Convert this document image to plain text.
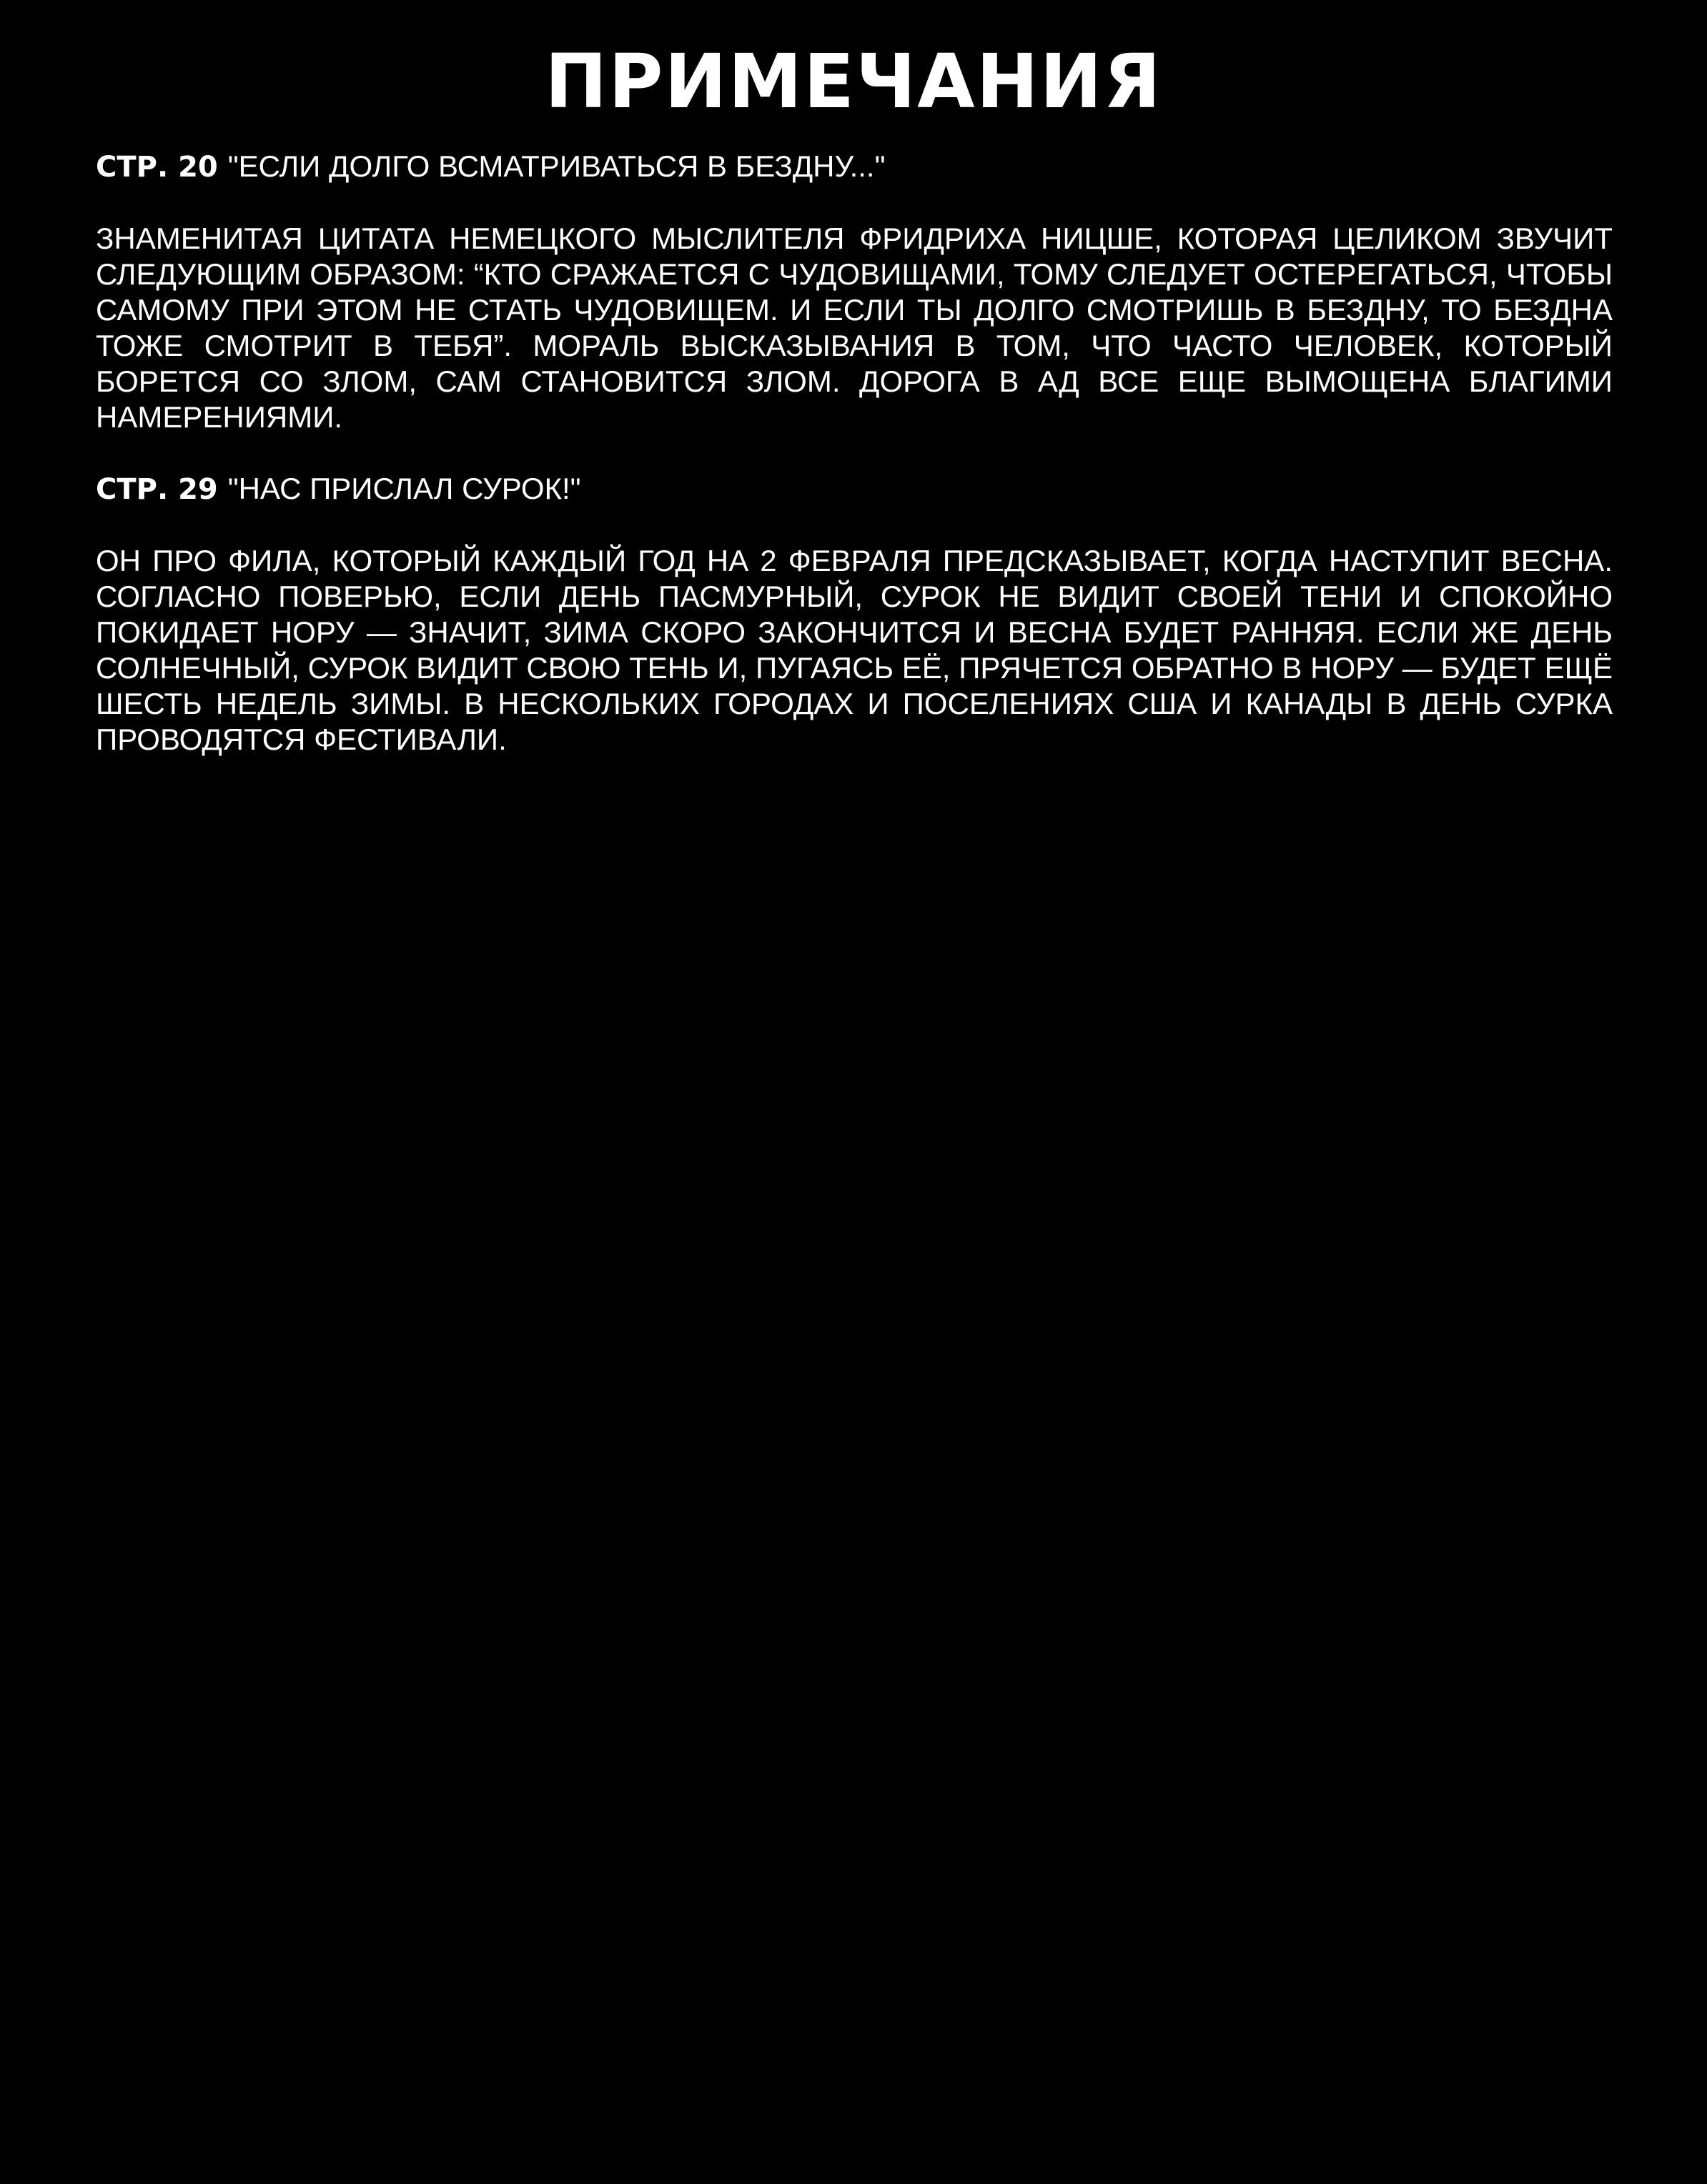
ПРИМЕЧАНИЯ

СТР. 20 "ЕСЛИ ДОЛГО ВСМАТРИВАТЬСЯ В БЕЗДНУ..."

ЗНАМЕНИТАЯ ЦИТАТА НЕМЕЦКОГО МЫСЛИТЕЛЯ ФРИДРИХА НИЦШЕ, КОТОРАЯ ЦЕЛИКОМ ЗВУЧИТ СЛЕДУЮЩИМ ОБРАЗОМ: “КТО СРАЖАЕТСЯ С ЧУДОВИЩАМИ, ТОМУ СЛЕДУЕТ ОСТЕРЕГАТЬСЯ, ЧТОБЫ САМОМУ ПРИ ЭТОМ НЕ СТАТЬ ЧУДОВИЩЕМ. И ЕСЛИ ТЫ ДОЛГО СМОТРИШЬ В БЕЗДНУ, ТО БЕЗДНА ТОЖЕ СМОТРИТ В ТЕБЯ”. МОРАЛЬ ВЫСКАЗЫВАНИЯ В ТОМ, ЧТО ЧАСТО ЧЕЛОВЕК, КОТОРЫЙ БОРЕТСЯ СО ЗЛОМ, САМ СТАНОВИТСЯ ЗЛОМ. ДОРОГА В АД ВСЕ ЕЩЕ ВЫМОЩЕНА БЛАГИМИ НАМЕРЕНИЯМИ.

СТР. 29 "НАС ПРИСЛАЛ СУРОК!"

ОН ПРО ФИЛА, КОТОРЫЙ КАЖДЫЙ ГОД НА 2 ФЕВРАЛЯ ПРЕДСКАЗЫВАЕТ, КОГДА НАСТУПИТ ВЕСНА. СОГЛАСНО ПОВЕРЬЮ, ЕСЛИ ДЕНЬ ПАСМУРНЫЙ, СУРОК НЕ ВИДИТ СВОЕЙ ТЕНИ И СПОКОЙНО ПОКИДАЕТ НОРУ — ЗНАЧИТ, ЗИМА СКОРО ЗАКОНЧИТСЯ И ВЕСНА БУДЕТ РАННЯЯ. ЕСЛИ ЖЕ ДЕНЬ СОЛНЕЧНЫЙ, СУРОК ВИДИТ СВОЮ ТЕНЬ И, ПУГАЯСЬ ЕЁ, ПРЯЧЕТСЯ ОБРАТНО В НОРУ — БУДЕТ ЕЩЁ ШЕСТЬ НЕДЕЛЬ ЗИМЫ. В НЕСКОЛЬКИХ ГОРОДАХ И ПОСЕЛЕНИЯХ США И КАНАДЫ В ДЕНЬ СУРКА ПРОВОДЯТСЯ ФЕСТИВАЛИ.
